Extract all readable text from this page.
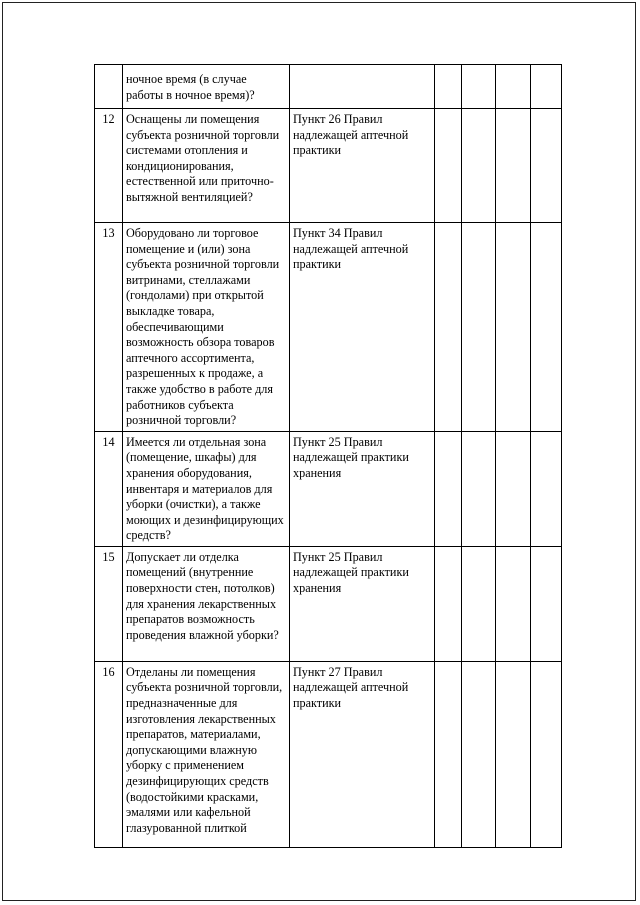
	ночное время (в случае работы в ночное время)?					
12	Оснащены ли помещения субъекта розничной торговли системами отопления и кондиционирования, естественной или приточно-вытяжной вентиляцией?	Пункт 26 Правил надлежащей аптечной практики				
13	Оборудовано ли торговое помещение и (или) зона субъекта розничной торговли витринами, стеллажами (гондолами) при открытой выкладке товара, обеспечивающими возможность обзора товаров аптечного ассортимента, разрешенных к продаже, а также удобство в работе для работников субъекта розничной торговли?	Пункт 34 Правил надлежащей аптечной практики				
14	Имеется ли отдельная зона (помещение, шкафы) для хранения оборудования, инвентаря и материалов для уборки (очистки), а также моющих и дезинфицирующих средств?	Пункт 25 Правил надлежащей практики хранения				
15	Допускает ли отделка помещений (внутренние поверхности стен, потолков) для хранения лекарственных препаратов возможность проведения влажной уборки?	Пункт 25 Правил надлежащей практики хранения				
16	Отделаны ли помещения субъекта розничной торговли, предназначенные для изготовления лекарственных препаратов, материалами, допускающими влажную уборку с применением дезинфицирующих средств (водостойкими красками, эмалями или кафельной глазурованной плиткой	Пункт 27 Правил надлежащей аптечной практики				
